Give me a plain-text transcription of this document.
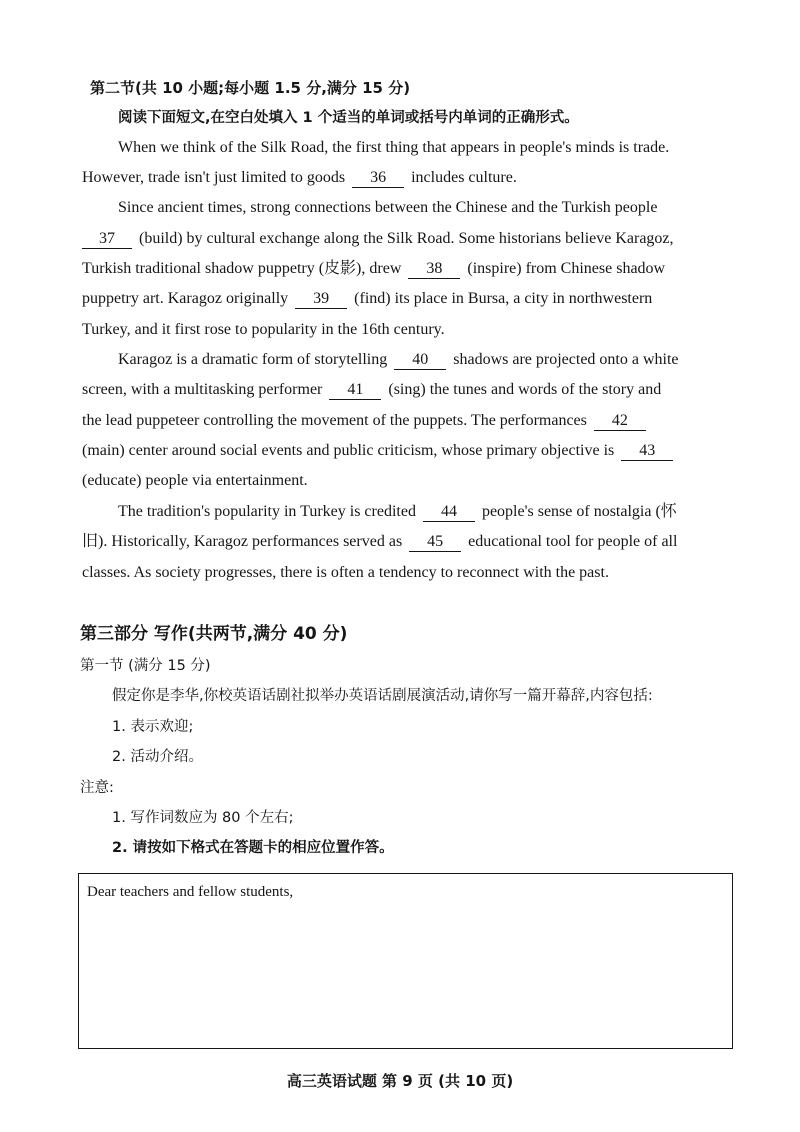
第二节(共 10 小题;每小题 1.5 分,满分 15 分)
阅读下面短文,在空白处填入 1 个适当的单词或括号内单词的正确形式。
When we think of the Silk Road, the first thing that appears in people's minds is trade.
However, trade isn't just limited to goods 36 includes culture.
Since ancient times, strong connections between the Chinese and the Turkish people
37 (build) by cultural exchange along the Silk Road. Some historians believe Karagoz,
Turkish traditional shadow puppetry (皮影), drew 38 (inspire) from Chinese shadow
puppetry art. Karagoz originally 39 (find) its place in Bursa, a city in northwestern
Turkey, and it first rose to popularity in the 16th century.
Karagoz is a dramatic form of storytelling 40 shadows are projected onto a white
screen, with a multitasking performer 41 (sing) the tunes and words of the story and
the lead puppeteer controlling the movement of the puppets. The performances 42
(main) center around social events and public criticism, whose primary objective is 43
(educate) people via entertainment.
The tradition's popularity in Turkey is credited 44 people's sense of nostalgia (怀
旧). Historically, Karagoz performances served as 45 educational tool for people of all
classes. As society progresses, there is often a tendency to reconnect with the past.
第三部分 写作(共两节,满分 40 分)
第一节 (满分 15 分)
假定你是李华,你校英语话剧社拟举办英语话剧展演活动,请你写一篇开幕辞,内容包括:
1. 表示欢迎;
2. 活动介绍。
注意:
1. 写作词数应为 80 个左右;
2. 请按如下格式在答题卡的相应位置作答。
Dear teachers and fellow students,
高三英语试题 第 9 页 (共 10 页)
